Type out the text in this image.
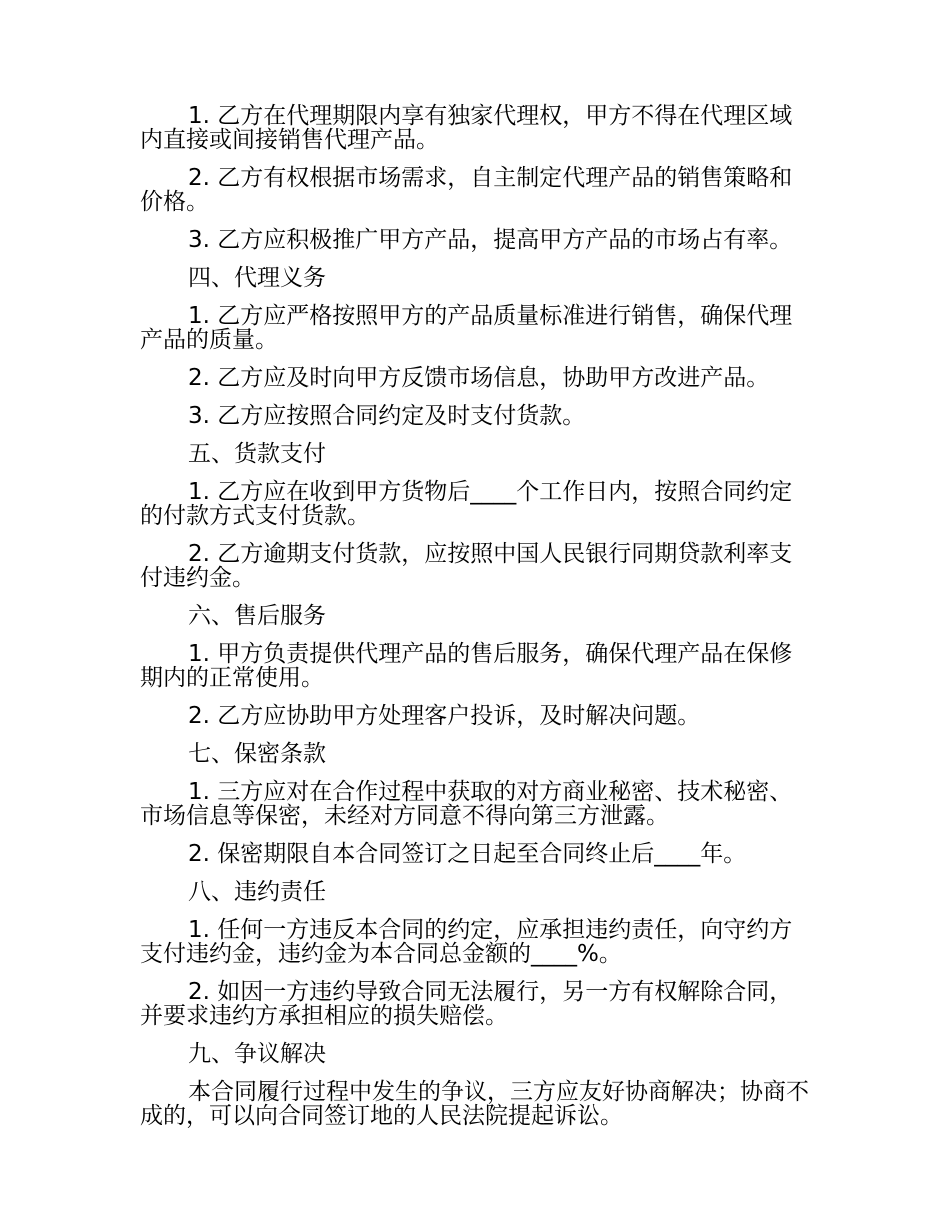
1. 乙方在代理期限内享有独家代理权，甲方不得在代理区域内直接或间接销售代理产品。

2. 乙方有权根据市场需求，自主制定代理产品的销售策略和价格。

3. 乙方应积极推广甲方产品，提高甲方产品的市场占有率。

四、代理义务

1. 乙方应严格按照甲方的产品质量标准进行销售，确保代理产品的质量。

2. 乙方应及时向甲方反馈市场信息，协助甲方改进产品。

3. 乙方应按照合同约定及时支付货款。

五、货款支付

1. 乙方应在收到甲方货物后____个工作日内，按照合同约定的付款方式支付货款。

2. 乙方逾期支付货款，应按照中国人民银行同期贷款利率支付违约金。

六、售后服务

1. 甲方负责提供代理产品的售后服务，确保代理产品在保修期内的正常使用。

2. 乙方应协助甲方处理客户投诉，及时解决问题。

七、保密条款

1. 三方应对在合作过程中获取的对方商业秘密、技术秘密、市场信息等保密，未经对方同意不得向第三方泄露。

2. 保密期限自本合同签订之日起至合同终止后____年。

八、违约责任

1. 任何一方违反本合同的约定，应承担违约责任，向守约方支付违约金，违约金为本合同总金额的____%。

2. 如因一方违约导致合同无法履行，另一方有权解除合同，并要求违约方承担相应的损失赔偿。

九、争议解决

本合同履行过程中发生的争议，三方应友好协商解决；协商不成的，可以向合同签订地的人民法院提起诉讼。
